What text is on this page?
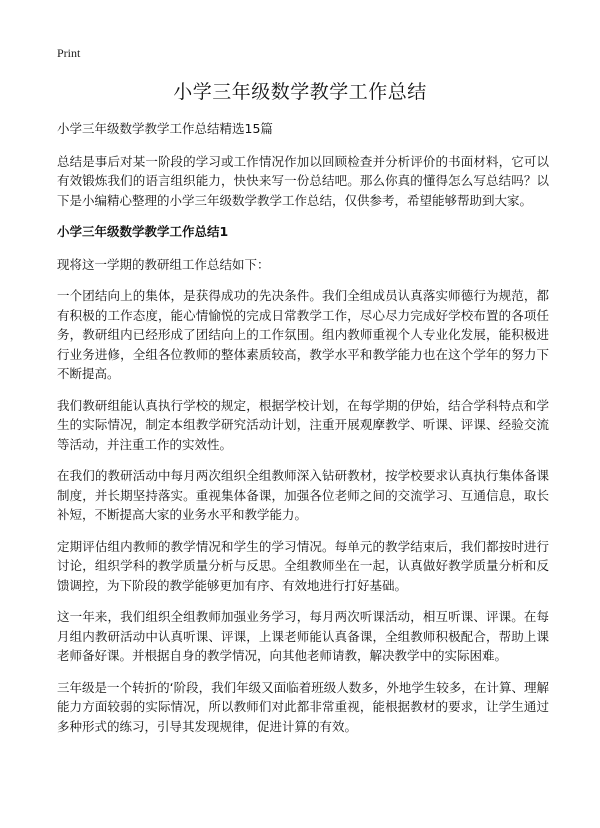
Print
小学三年级数学教学工作总结

小学三年级数学教学工作总结精选15篇

总结是事后对某一阶段的学习或工作情况作加以回顾检查并分析评价的书面材料，它可以有效锻炼我们的语言组织能力，快快来写一份总结吧。那么你真的懂得怎么写总结吗？以下是小编精心整理的小学三年级数学教学工作总结，仅供参考，希望能够帮助到大家。

小学三年级数学教学工作总结1

现将这一学期的教研组工作总结如下：

一个团结向上的集体，是获得成功的先决条件。我们全组成员认真落实师德行为规范，都有积极的工作态度，能心情愉悦的完成日常教学工作，尽心尽力完成好学校布置的各项任务，教研组内已经形成了团结向上的工作氛围。组内教师重视个人专业化发展，能积极进行业务进修，全组各位教师的整体素质较高，教学水平和教学能力也在这个学年的努力下不断提高。

我们教研组能认真执行学校的规定，根据学校计划，在每学期的伊始，结合学科特点和学生的实际情况，制定本组教学研究活动计划，注重开展观摩教学、听课、评课、经验交流等活动，并注重工作的实效性。

在我们的教研活动中每月两次组织全组教师深入钻研教材，按学校要求认真执行集体备课制度，并长期坚持落实。重视集体备课，加强各位老师之间的交流学习、互通信息，取长补短，不断提高大家的业务水平和教学能力。

定期评估组内教师的教学情况和学生的学习情况。每单元的教学结束后，我们都按时进行讨论，组织学科的教学质量分析与反思。全组教师坐在一起，认真做好教学质量分析和反馈调控，为下阶段的教学能够更加有序、有效地进行打好基础。

这一年来，我们组织全组教师加强业务学习，每月两次听课活动，相互听课、评课。在每月组内教研活动中认真听课、评课，上课老师能认真备课，全组教师积极配合，帮助上课老师备好课。并根据自身的教学情况，向其他老师请教，解决教学中的实际困难。

三年级是一个转折的‘阶段，我们年级又面临着班级人数多，外地学生较多，在计算、理解能力方面较弱的实际情况，所以教师们对此都非常重视，能根据教材的要求，让学生通过多种形式的练习，引导其发现规律，促进计算的有效。
